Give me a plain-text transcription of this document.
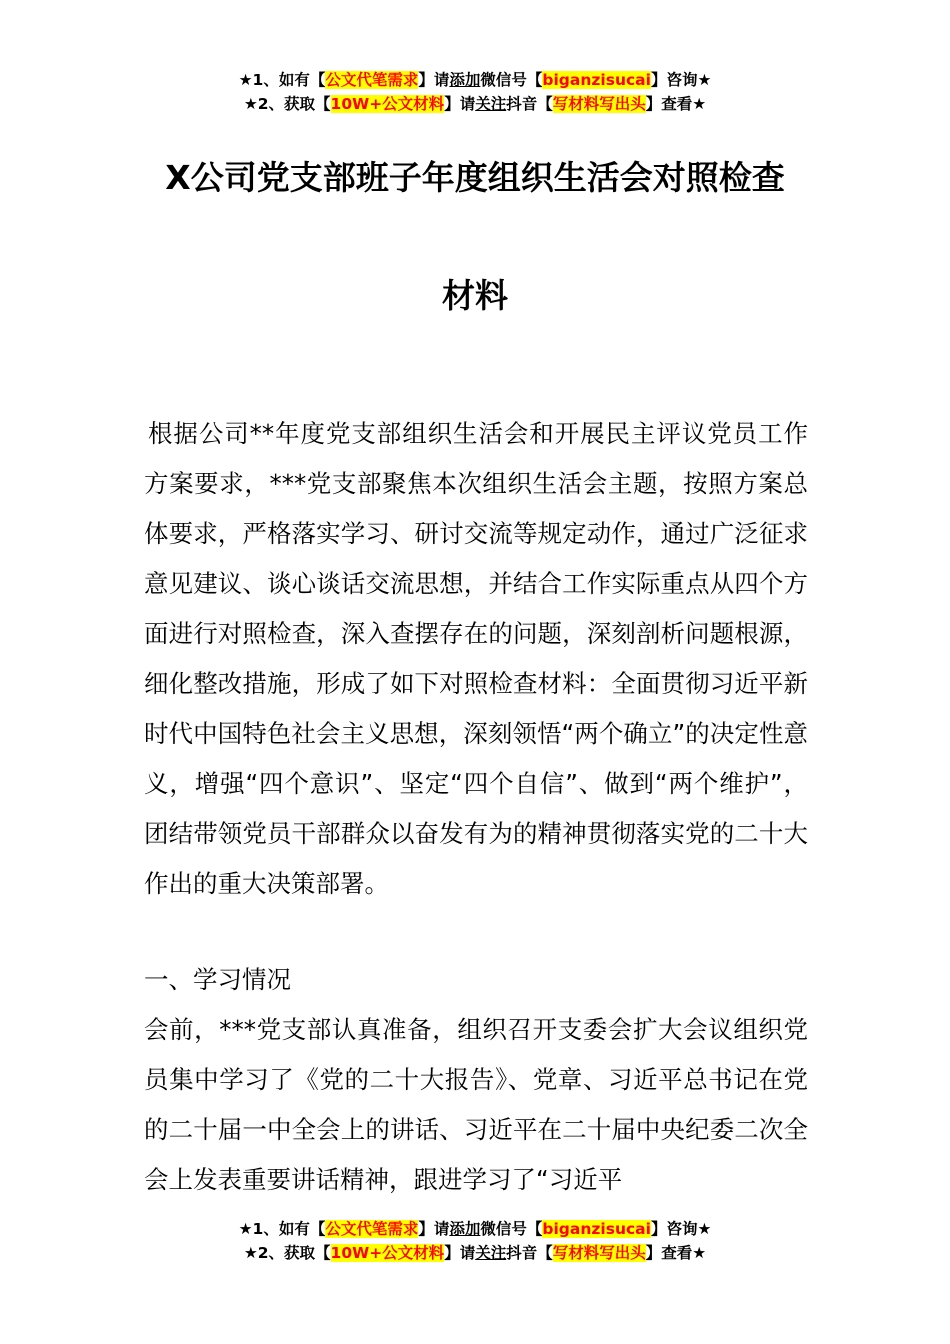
★1、如有【公文代笔需求】请添加微信号【biganzisucai】咨询★
★2、获取【10W+公文材料】请关注抖音【写材料写出头】查看★
X公司党支部班子年度组织生活会对照检查
材料
根据公司**年度党支部组织生活会和开展民主评议党员工作方案要求，***党支部聚焦本次组织生活会主题，按照方案总体要求，严格落实学习、研讨交流等规定动作，通过广泛征求意见建议、谈心谈话交流思想，并结合工作实际重点从四个方面进行对照检查，深入查摆存在的问题，深刻剖析问题根源，细化整改措施，形成了如下对照检查材料：全面贯彻习近平新时代中国特色社会主义思想，深刻领悟“两个确立”的决定性意义，增强“四个意识”、坚定“四个自信”、做到“两个维护”，团结带领党员干部群众以奋发有为的精神贯彻落实党的二十大作出的重大决策部署。
一、学习情况
会前，***党支部认真准备，组织召开支委会扩大会议组织党员集中学习了《党的二十大报告》、党章、习近平总书记在党的二十届一中全会上的讲话、习近平在二十届中央纪委二次全会上发表重要讲话精神，跟进学习了“习近平
★1、如有【公文代笔需求】请添加微信号【biganzisucai】咨询★
★2、获取【10W+公文材料】请关注抖音【写材料写出头】查看★
